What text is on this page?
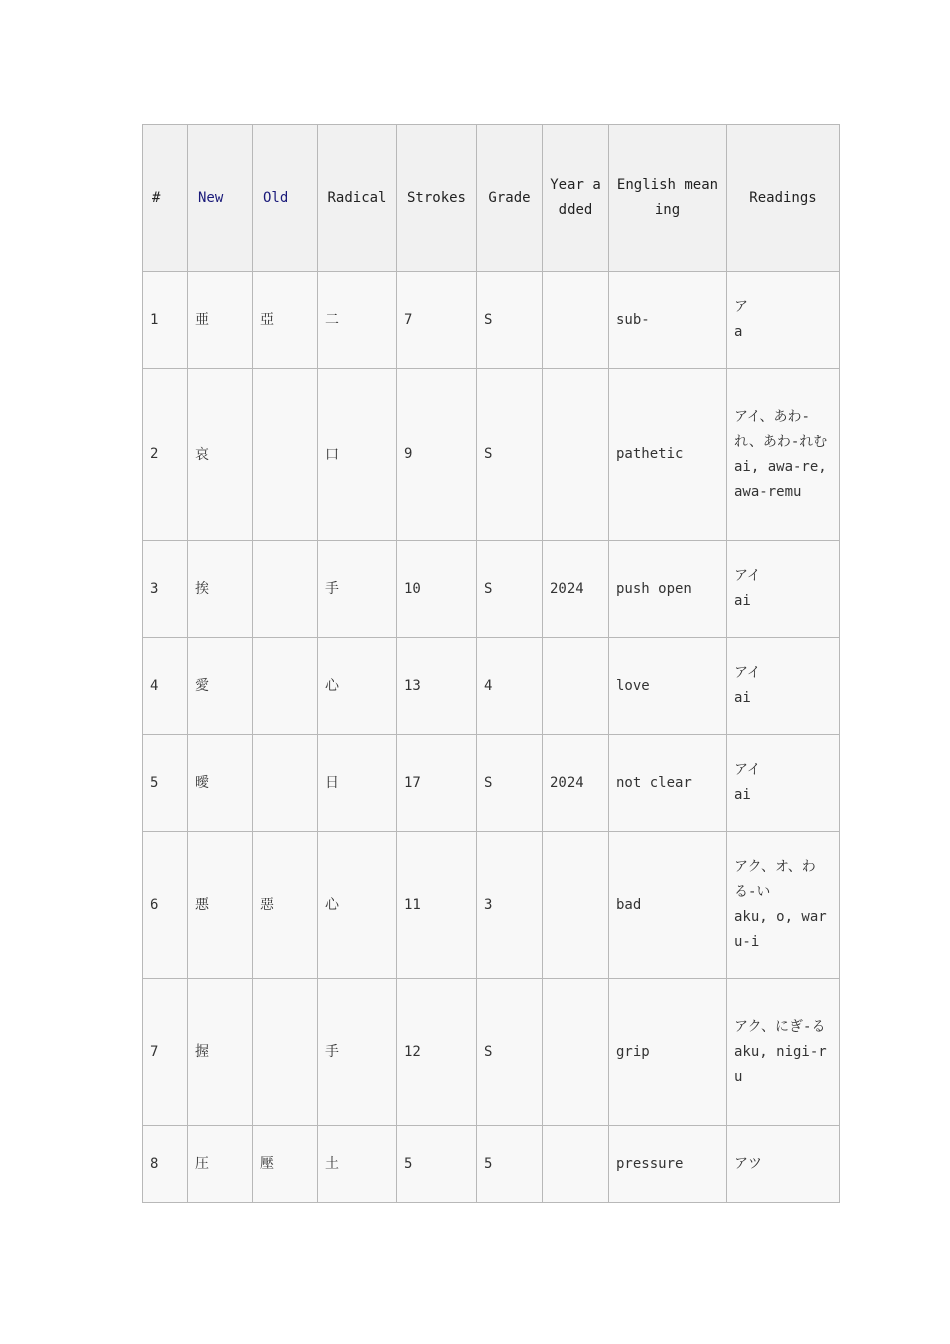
#	New	Old	Radical	Strokes	Grade	Year added	English meaning	Readings
1	亜	亞	二	7	S		sub-	ア
a

2	哀		口	9	S		pathetic	アイ、あわ-れ、あわ-れむ
ai, awa-re, awa-remu

3	挨		手	10	S	2024	push open	アイ
ai

4	愛		心	13	4		love	アイ
ai

5	曖		日	17	S	2024	not clear	アイ
ai

6	悪	惡	心	11	3		bad	アク、オ、わる-い
aku, o, waru-i

7	握		手	12	S		grip	アク、にぎ-る
aku, nigi-ru

8	圧	壓	土	5	5		pressure	アツ
